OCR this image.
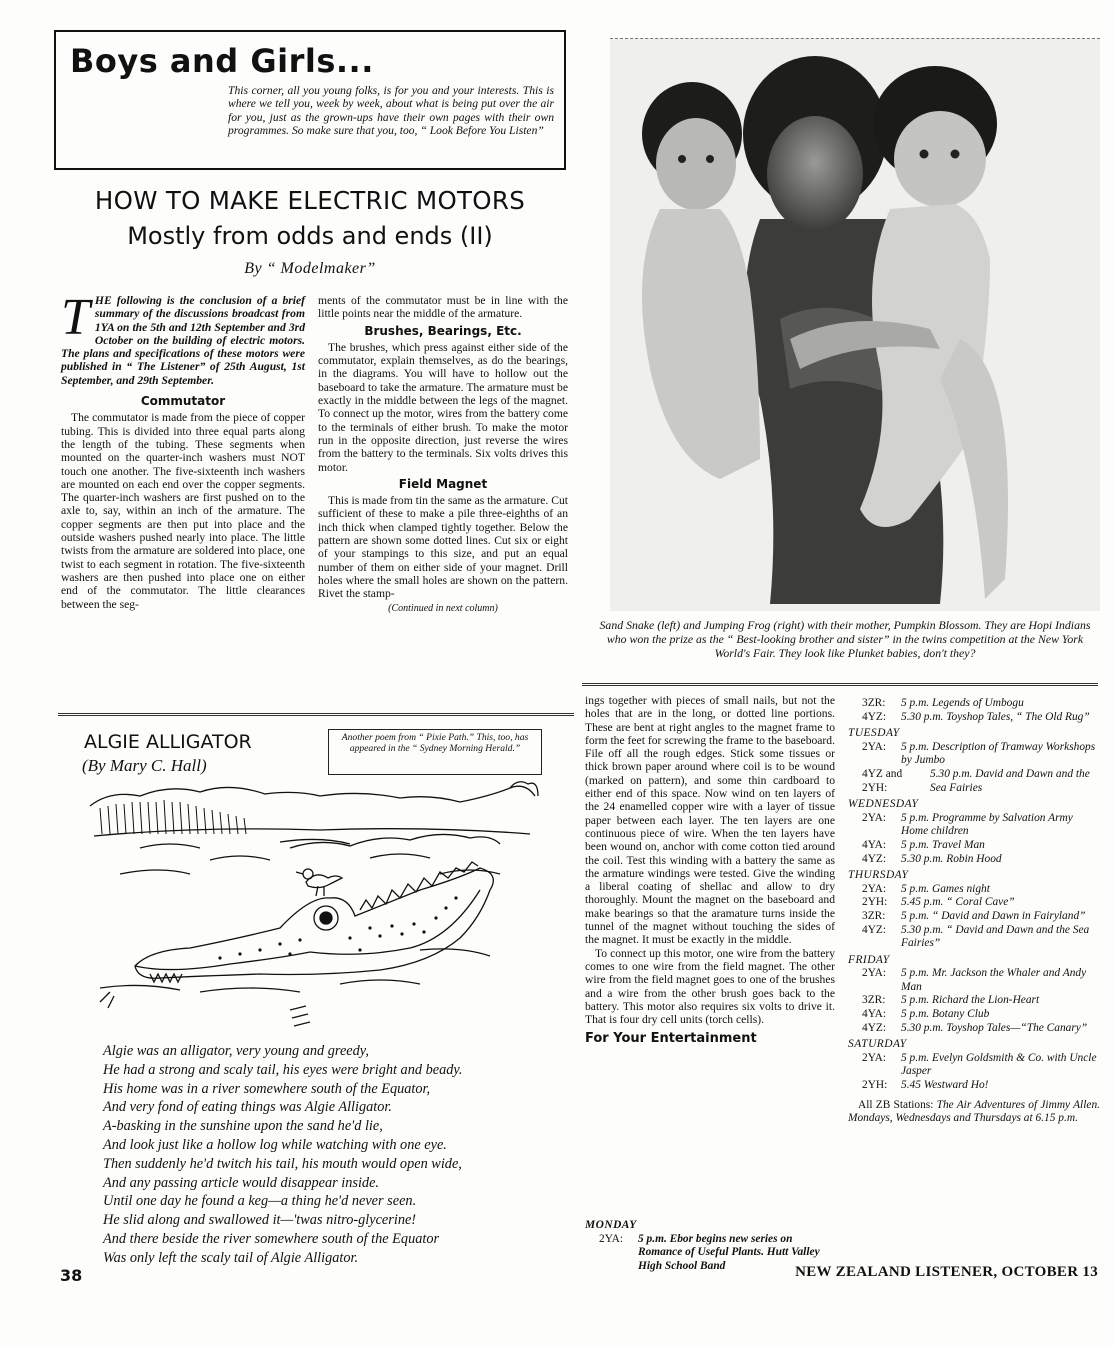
Boys and Girls...
This corner, all you young folks, is for you and your interests. This is where we tell you, week by week, about what is being put over the air for you, just as the grown-ups have their own pages with their own programmes. So make sure that you, too, “ Look Before You Listen”
HOW TO MAKE ELECTRIC MOTORS
Mostly from odds and ends (II)
By “ Modelmaker”
T HE following is the conclusion of a brief summary of the discussions broadcast from 1YA on the 5th and 12th September and 3rd October on the building of electric motors. The plans and specifications of these motors were published in “ The Listener” of 25th August, 1st September, and 29th September.
Commutator

The commutator is made from the piece of copper tubing. This is divided into three equal parts along the length of the tubing. These segments when mounted on the quarter-inch washers must NOT touch one another. The five-sixteenth inch washers are mounted on each end over the copper segments. The quarter-inch washers are first pushed on to the axle to, say, within an inch of the armature. The copper segments are then put into place and the outside washers pushed nearly into place. The little twists from the armature are soldered into place, one twist to each segment in rotation. The five-sixteenth washers are then pushed into place one on either end of the commutator. The little clearances between the seg-

ments of the commutator must be in line with the little points near the middle of the armature.

Brushes, Bearings, Etc.

The brushes, which press against either side of the commutator, explain themselves, as do the bearings, in the diagrams. You will have to hollow out the baseboard to take the armature. The armature must be exactly in the middle between the legs of the magnet. To connect up the motor, wires from the battery come to the terminals of either brush. To make the motor run in the opposite direction, just reverse the wires from the battery to the terminals. Six volts drives this motor.

Field Magnet

This is made from tin the same as the armature. Cut sufficient of these to make a pile three-eighths of an inch thick when clamped tightly together. Below the pattern are shown some dotted lines. Cut six or eight of your stampings to this size, and put an equal number of them on either side of your magnet. Drill holes where the small holes are shown on the pattern. Rivet the stamp-

(Continued in next column)
Sand Snake (left) and Jumping Frog (right) with their mother, Pumpkin Blossom. They are Hopi Indians who won the prize as the “ Best-looking brother and sister” in the twins competition at the New York World's Fair. They look like Plunket babies, don't they?
ALGIE ALLIGATOR
(By Mary C. Hall)
Another poem from “ Pixie Path.” This, too, has appeared in the “ Sydney Morning Herald.”
Algie was an alligator, very young and greedy,
He had a strong and scaly tail, his eyes were bright and beady.
His home was in a river somewhere south of the Equator,
And very fond of eating things was Algie Alligator.
A-basking in the sunshine upon the sand he'd lie,
And look just like a hollow log while watching with one eye.
Then suddenly he'd twitch his tail, his mouth would open wide,
And any passing article would disappear inside.
Until one day he found a keg—a thing he'd never seen.
He slid along and swallowed it—'twas nitro-glycerine!
And there beside the river somewhere south of the Equator
Was only left the scaly tail of Algie Alligator.

ings together with pieces of small nails, but not the holes that are in the long, or dotted line portions. These are bent at right angles to the magnet frame to form the feet for screwing the frame to the baseboard. File off all the rough edges. Stick some tissues or thick brown paper around where coil is to be wound (marked on pattern), and some thin cardboard to either end of this space. Now wind on ten layers of the 24 enamelled copper wire with a layer of tissue paper between each layer. The ten layers are one continuous piece of wire. When the ten layers have been wound on, anchor with come cotton tied around the coil. Test this winding with a battery the same as the armature windings were tested. Give the winding a liberal coating of shellac and allow to dry thoroughly. Mount the magnet on the baseboard and make bearings so that the aramature turns inside the tunnel of the magnet without touching the sides of the magnet. It must be exactly in the middle.

To connect up this motor, one wire from the battery comes to one wire from the field magnet. The other wire from the field magnet goes to one of the brushes and a wire from the other brush goes back to the battery. This motor also requires six volts to drive it. That is four dry cell units (torch cells).

For Your Entertainment
MONDAY
2YA:	5 p.m. Ebor begins new series on Romance of Useful Plants. Hutt Valley High School Band
3ZR:	5 p.m. Legends of Umbogu
4YZ:	5.30 p.m. Toyshop Tales, “ The Old Rug”
TUESDAY
2YA:	5 p.m. Description of Tramway Workshops by Jumbo
4YZ and 2YH:
5.30 p.m. David and Dawn and the Sea Fairies
WEDNESDAY
2YA:	5 p.m. Programme by Salvation Army Home children
4YA:	5 p.m. Travel Man
4YZ:	5.30 p.m. Robin Hood
THURSDAY
2YA:	5 p.m. Games night
2YH:	5.45 p.m. “ Coral Cave”
3ZR:	5 p.m. “ David and Dawn in Fairyland”
4YZ:	5.30 p.m. “ David and Dawn and the Sea Fairies”
FRIDAY
2YA:	5 p.m. Mr. Jackson the Whaler and Andy Man
3ZR:	5 p.m. Richard the Lion-Heart
4YA:	5 p.m. Botany Club
4YZ:	5.30 p.m. Toyshop Tales—“The Canary”
SATURDAY
2YA:	5 p.m. Evelyn Goldsmith & Co. with Uncle Jasper
2YH:	5.45 Westward Ho!
All ZB Stations: The Air Adventures of Jimmy Allen. Mondays, Wednesdays and Thursdays at 6.15 p.m.
38	NEW ZEALAND LISTENER, OCTOBER 13
